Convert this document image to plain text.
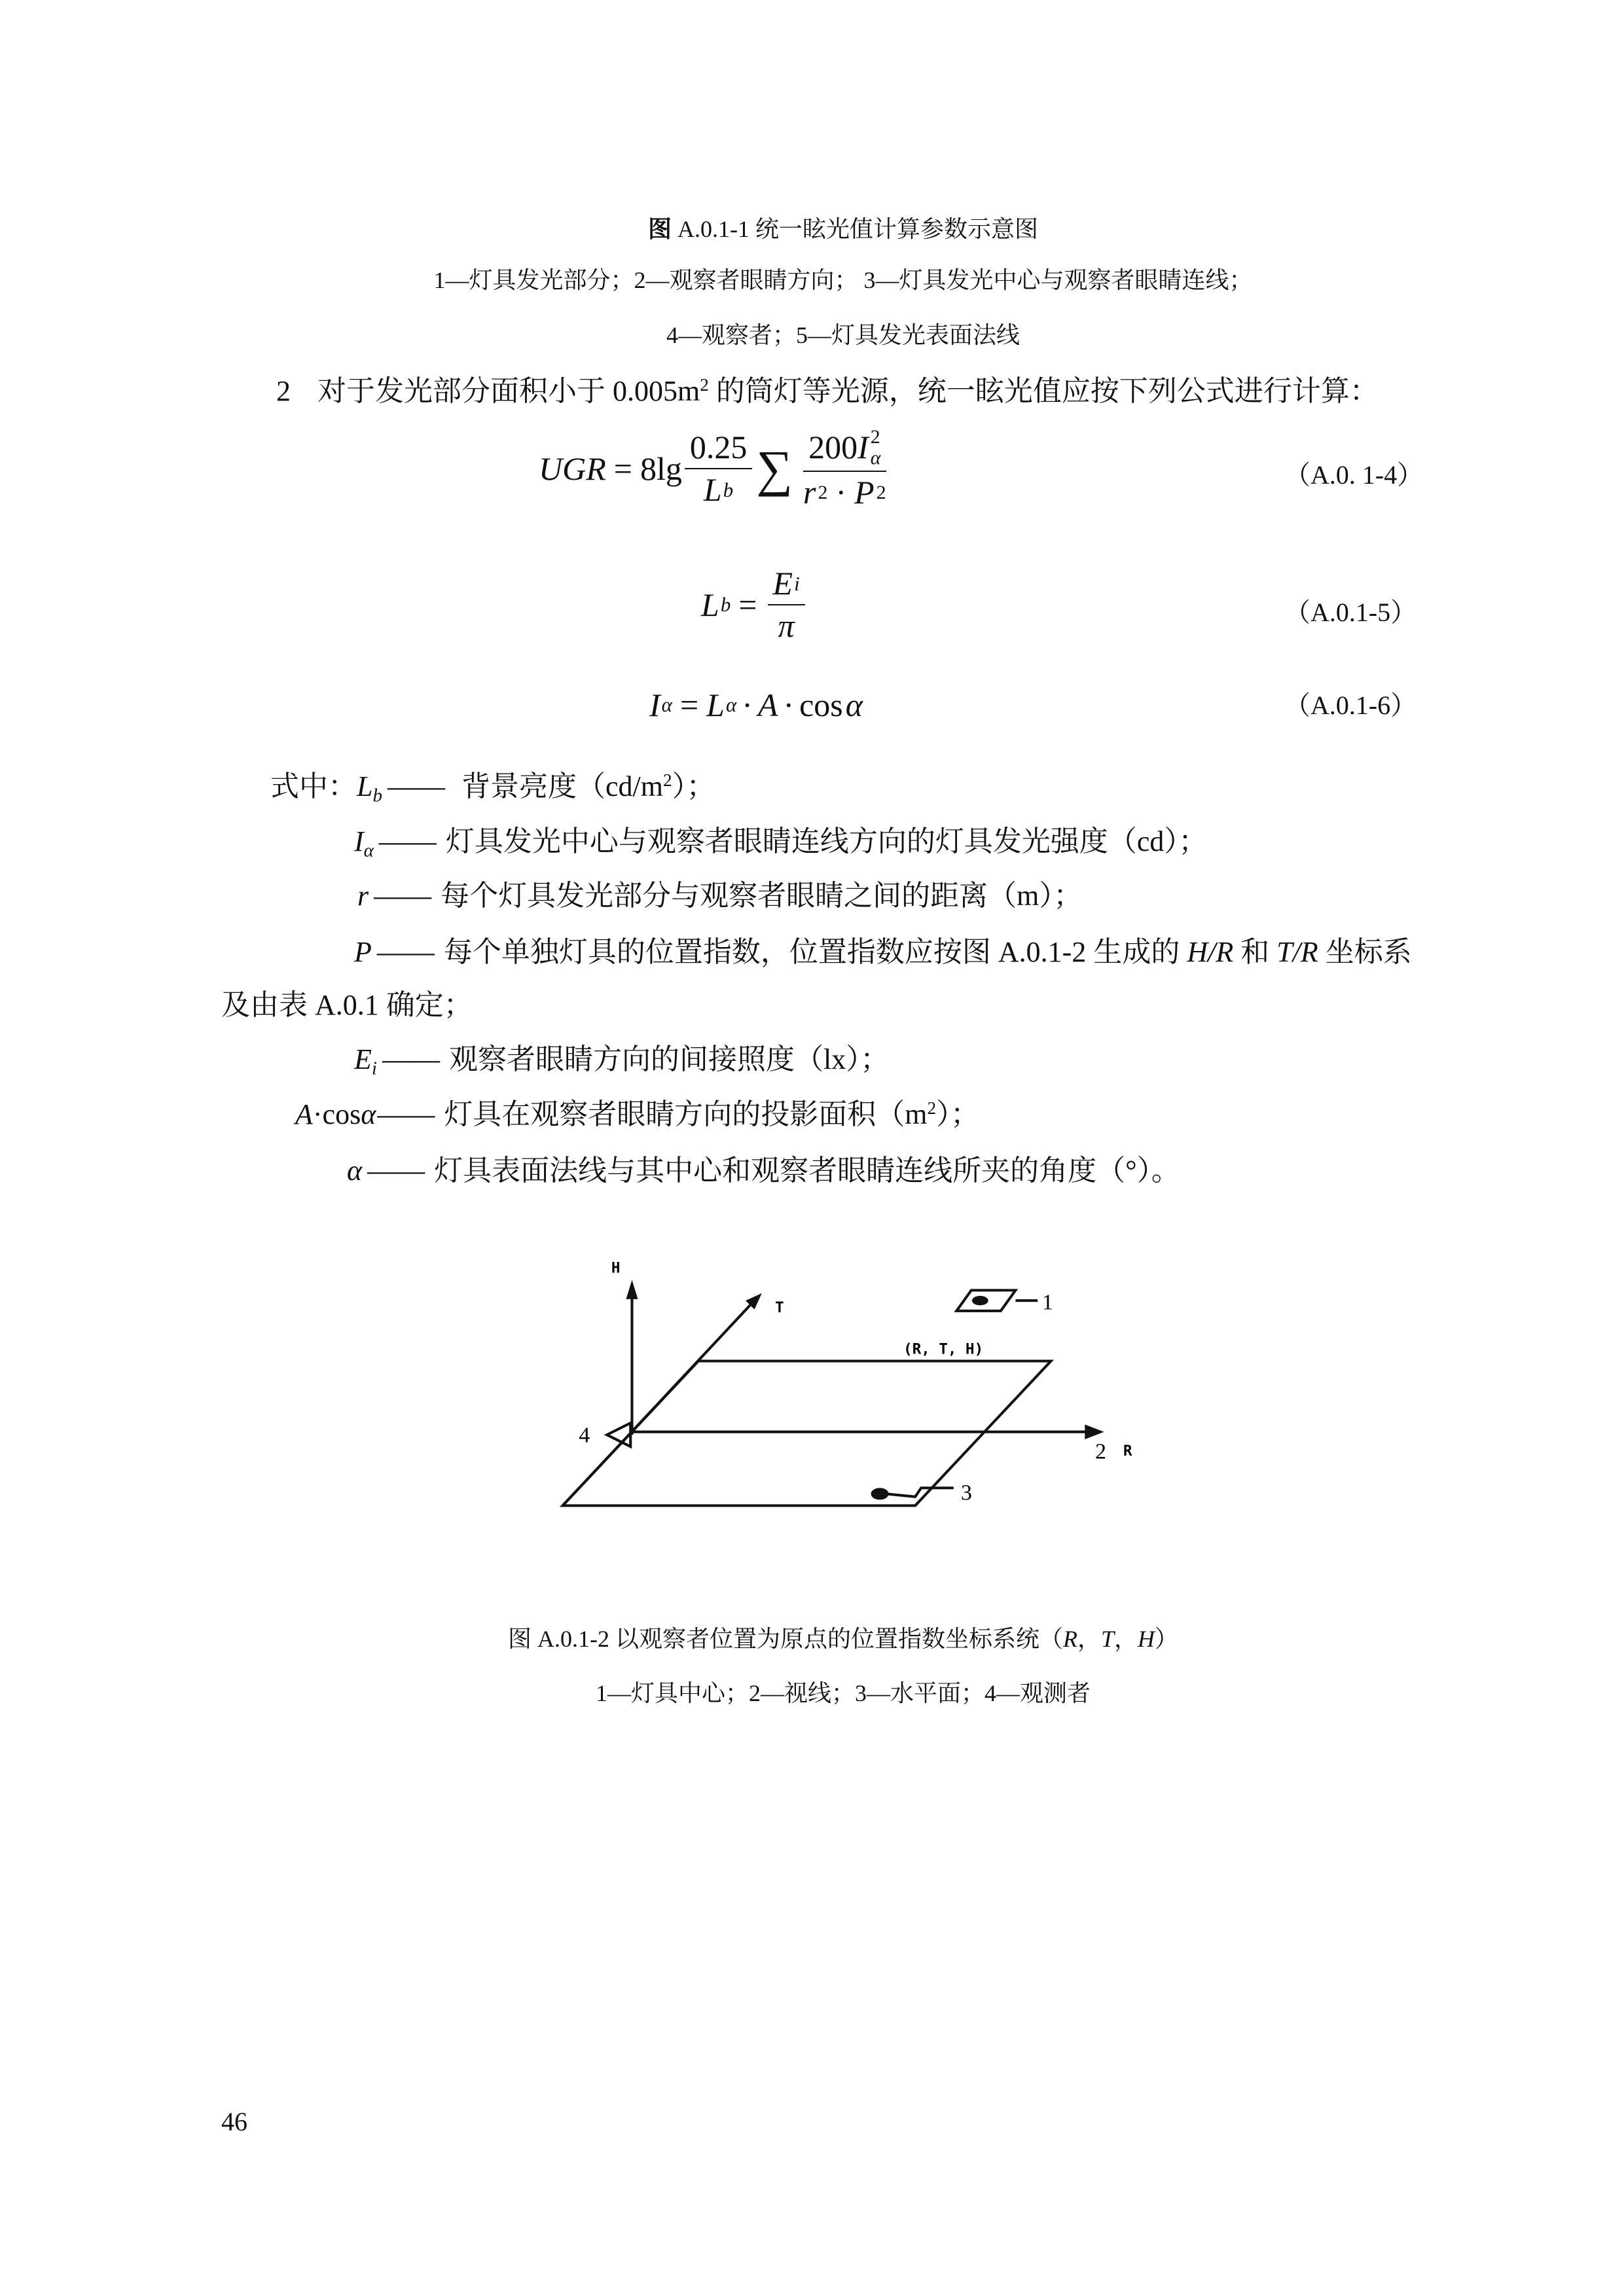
图 A.0.1-1 统一眩光值计算参数示意图
1—灯具发光部分；2—观察者眼睛方向； 3—灯具发光中心与观察者眼睛连线；
4—观察者；5—灯具发光表面法线
2 对于发光部分面积小于 $0.005m^2$ 的筒灯等光源，统一眩光值应按下列公式进行计算：
UGR = $8\lg \frac{0.25}{\text{L b}}$ ∑ 200 I 2
α
r 2 · P 2	（A.0. 1-4）
L $b = \frac{\text{E i}}{\pi}$	（A.0.1-5）
I α = L α · A · cos α	（A.0.1-6）
式中：$L_b$ —— 背景亮度$(cd/m^2)$；
$I_\alpha$ —— 灯具发光中心与观察者眼睛连线方向的灯具发光强度（cd）；
r —— 每个灯具发光部分与观察者眼睛之间的距离（m）；
P —— 每个单独灯具的位置指数，位置指数应按图 A.0.1-2 生成的 H/R 和 T/R 坐标系
及由表 A.0.1 确定；
$E_i$ —— 观察者眼睛方向的间接照度（lx）；
A·cosα—— 灯具在观察者眼睛方向的投影面积$(m^2)$；
α —— 灯具表面法线与其中心和观察者眼睛连线所夹的角度（°）。
H
T
R
(R, T, H)
1
2
3
4
图 A.0.1-2 以观察者位置为原点的位置指数坐标系统（R，T，H）
1—灯具中心；2—视线；3—水平面；4—观测者
46
